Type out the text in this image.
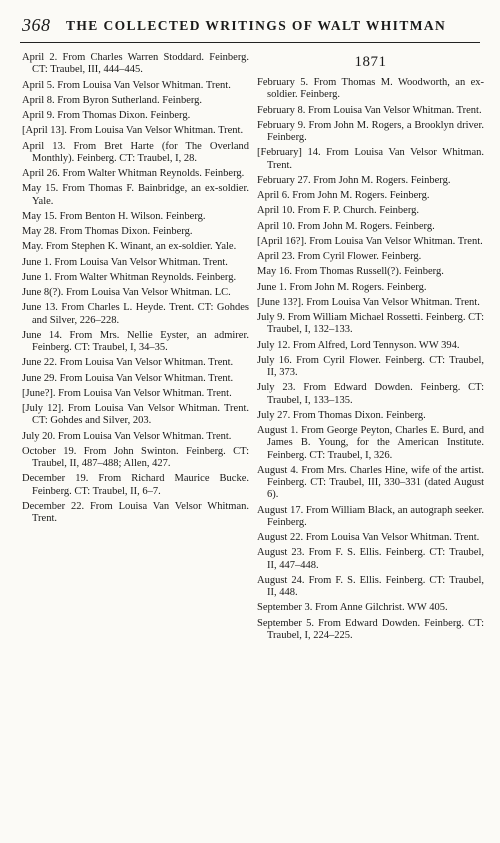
368 THE COLLECTED WRITINGS OF WALT WHITMAN
April 2. From Charles Warren Stoddard. Feinberg. CT: Traubel, III, 444–445.
April 5. From Louisa Van Velsor Whitman. Trent.
April 8. From Byron Sutherland. Feinberg.
April 9. From Thomas Dixon. Feinberg.
[April 13]. From Louisa Van Velsor Whitman. Trent.
April 13. From Bret Harte (for The Overland Monthly). Feinberg. CT: Traubel, I, 28.
April 26. From Walter Whitman Reynolds. Feinberg.
May 15. From Thomas F. Bainbridge, an ex-soldier. Yale.
May 15. From Benton H. Wilson. Feinberg.
May 28. From Thomas Dixon. Feinberg.
May. From Stephen K. Winant, an ex-soldier. Yale.
June 1. From Louisa Van Velsor Whitman. Trent.
June 1. From Walter Whitman Reynolds. Feinberg.
June 8(?). From Louisa Van Velsor Whitman. LC.
June 13. From Charles L. Heyde. Trent. CT: Gohdes and Silver, 226–228.
June 14. From Mrs. Nellie Eyster, an admirer. Feinberg. CT: Traubel, I, 34–35.
June 22. From Louisa Van Velsor Whitman. Trent.
June 29. From Louisa Van Velsor Whitman. Trent.
[June?]. From Louisa Van Velsor Whitman. Trent.
[July 12]. From Louisa Van Velsor Whitman. Trent. CT: Gohdes and Silver, 203.
July 20. From Louisa Van Velsor Whitman. Trent.
October 19. From John Swinton. Feinberg. CT: Traubel, II, 487–488; Allen, 427.
December 19. From Richard Maurice Bucke. Feinberg. CT: Traubel, II, 6–7.
December 22. From Louisa Van Velsor Whitman. Trent.
1871
February 5. From Thomas M. Woodworth, an ex-soldier. Feinberg.
February 8. From Louisa Van Velsor Whitman. Trent.
February 9. From John M. Rogers, a Brooklyn driver. Feinberg.
[February] 14. From Louisa Van Velsor Whitman. Trent.
February 27. From John M. Rogers. Feinberg.
April 6. From John M. Rogers. Feinberg.
April 10. From F. P. Church. Feinberg.
April 10. From John M. Rogers. Feinberg.
[April 16?]. From Louisa Van Velsor Whitman. Trent.
April 23. From Cyril Flower. Feinberg.
May 16. From Thomas Russell(?). Feinberg.
June 1. From John M. Rogers. Feinberg.
[June 13?]. From Louisa Van Velsor Whitman. Trent.
July 9. From William Michael Rossetti. Feinberg. CT: Traubel, I, 132–133.
July 12. From Alfred, Lord Tennyson. WW 394.
July 16. From Cyril Flower. Feinberg. CT: Traubel, II, 373.
July 23. From Edward Dowden. Feinberg. CT: Traubel, I, 133–135.
July 27. From Thomas Dixon. Feinberg.
August 1. From George Peyton, Charles E. Burd, and James B. Young, for the American Institute. Feinberg. CT: Traubel, I, 326.
August 4. From Mrs. Charles Hine, wife of the artist. Feinberg. CT: Traubel, III, 330–331 (dated August 6).
August 17. From William Black, an autograph seeker. Feinberg.
August 22. From Louisa Van Velsor Whitman. Trent.
August 23. From F. S. Ellis. Feinberg. CT: Traubel, II, 447–448.
August 24. From F. S. Ellis. Feinberg. CT: Traubel, II, 448.
September 3. From Anne Gilchrist. WW 405.
September 5. From Edward Dowden. Feinberg. CT: Traubel, I, 224–225.
